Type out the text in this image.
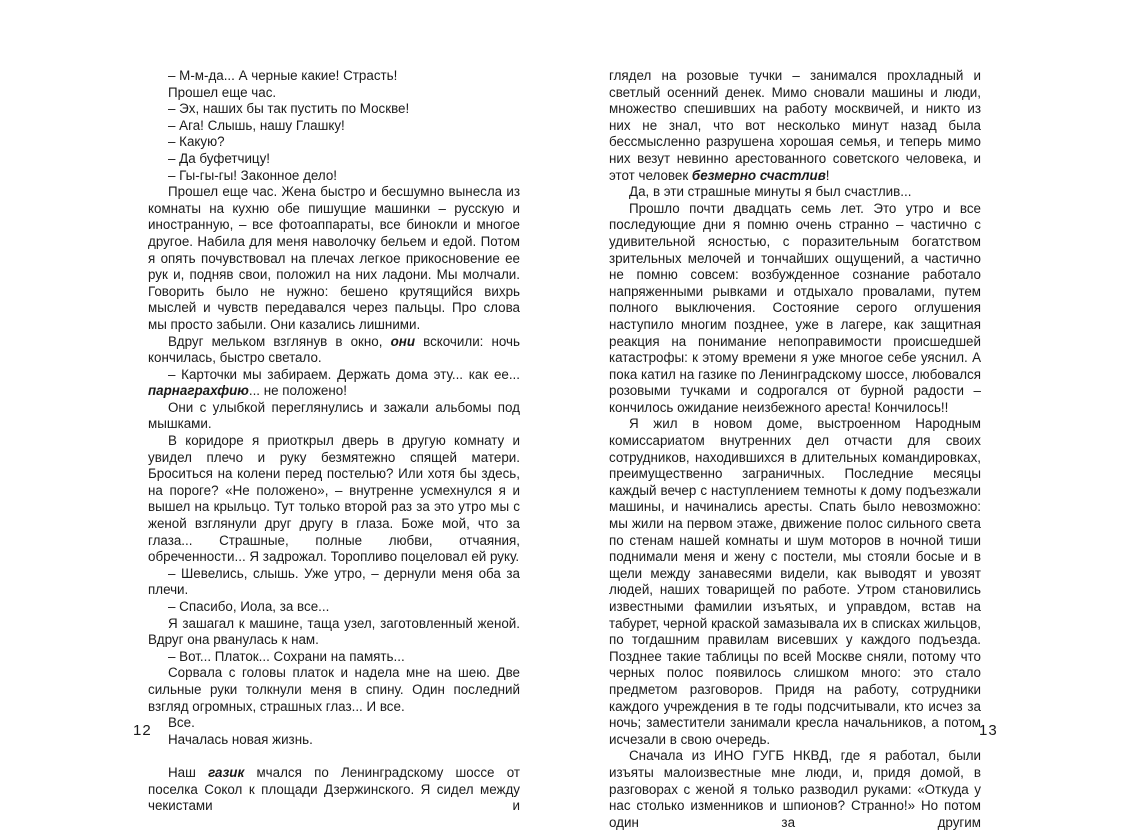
– М-м-да... А черные какие! Страсть!

Прошел еще час.

– Эх, наших бы так пустить по Москве!

– Ага! Слышь, нашу Глашку!

– Какую?

– Да буфетчицу!

– Гы-гы-гы! Законное дело!

Прошел еще час. Жена быстро и бесшумно вынесла из комнаты на кухню обе пишущие машинки – русскую и иностранную, – все фотоаппараты, все бинокли и многое другое. Набила для меня наволочку бельем и едой. Потом я опять почувствовал на плечах легкое прикосновение ее рук и, подняв свои, положил на них ладони. Мы молчали. Говорить было не нужно: бешено крутящийся вихрь мыслей и чувств передавался через пальцы. Про слова мы просто забыли. Они казались лишними.

Вдруг мельком взглянув в окно, они вскочили: ночь кончилась, быстро светало.

– Карточки мы забираем. Держать дома эту... как ее... парнаграхфию... не положено!

Они с улыбкой переглянулись и зажали альбомы под мышками.

В коридоре я приоткрыл дверь в другую комнату и увидел плечо и руку безмятежно спящей матери. Броситься на колени перед постелью? Или хотя бы здесь, на пороге? «Не положено», – внутренне усмехнулся я и вышел на крыльцо. Тут только второй раз за это утро мы с женой взглянули друг другу в глаза. Боже мой, что за глаза... Страшные, полные любви, отчаяния, обреченности... Я задрожал. Торопливо поцеловал ей руку.

– Шевелись, слышь. Уже утро, – дернули меня оба за плечи.

– Спасибо, Иола, за все...

Я зашагал к машине, таща узел, заготовленный женой. Вдруг она рванулась к нам.

– Вот... Платок... Сохрани на память...

Сорвала с головы платок и надела мне на шею. Две сильные руки толкнули меня в спину. Один последний взгляд огромных, страшных глаз... И все.

Все.

Началась новая жизнь.

Наш газик мчался по Ленинградскому шоссе от поселка Сокол к площади Дзержинского. Я сидел между чекистами и

глядел на розовые тучки – занимался прохладный и светлый осенний денек. Мимо сновали машины и люди, множество спешивших на работу москвичей, и никто из них не знал, что вот несколько минут назад была бессмысленно разрушена хорошая семья, и теперь мимо них везут невинно арестованного советского человека, и этот человек безмерно счастлив!

Да, в эти страшные минуты я был счастлив...

Прошло почти двадцать семь лет. Это утро и все последующие дни я помню очень странно – частично с удивительной ясностью, с поразительным богатством зрительных мелочей и тончайших ощущений, а частично не помню совсем: возбужденное сознание работало напряженными рывками и отдыхало провалами, путем полного выключения. Состояние серого оглушения наступило многим позднее, уже в лагере, как защитная реакция на понимание непоправимости происшедшей катастрофы: к этому времени я уже многое себе уяснил. А пока катил на газике по Ленинградскому шоссе, любовался розовыми тучками и содрогался от бурной радости – кончилось ожидание неизбежного ареста! Кончилось!!

Я жил в новом доме, выстроенном Народным комиссариатом внутренних дел отчасти для своих сотрудников, находившихся в длительных командировках, преимущественно заграничных. Последние месяцы каждый вечер с наступлением темноты к дому подъезжали машины, и начинались аресты. Спать было невозможно: мы жили на первом этаже, движение полос сильного света по стенам нашей комнаты и шум моторов в ночной тиши поднимали меня и жену с постели, мы стояли босые и в щели между занавесями видели, как выводят и увозят людей, наших товарищей по работе. Утром становились известными фамилии изъятых, и управдом, встав на табурет, черной краской замазывала их в списках жильцов, по тогдашним правилам висевших у каждого подъезда. Позднее такие таблицы по всей Москве сняли, потому что черных полос появилось слишком много: это стало предметом разговоров. Придя на работу, сотрудники каждого учреждения в те годы подсчитывали, кто исчез за ночь; заместители занимали кресла начальников, а потом исчезали в свою очередь.

Сначала из ИНО ГУГБ НКВД, где я работал, были изъяты малоизвестные мне люди, и, придя домой, в разговорах с женой я только разводил руками: «Откуда у нас столько изменников и шпионов? Странно!» Но потом один за другим

12	13
